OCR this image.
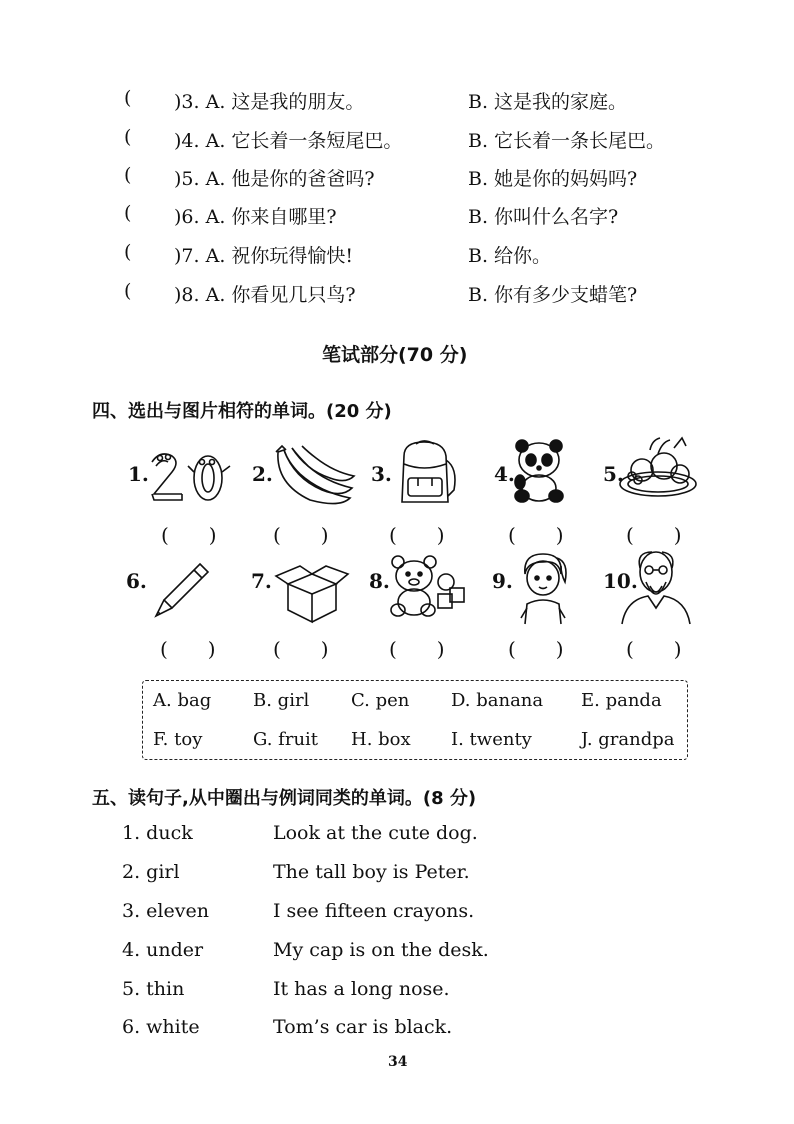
( )3. A. 这是我的朋友。	B. 这是我的家庭。
( )4. A. 它长着一条短尾巴。	B. 它长着一条长尾巴。
( )5. A. 他是你的爸爸吗?	B. 她是你的妈妈吗?
( )6. A. 你来自哪里?	B. 你叫什么名字?
( )7. A. 祝你玩得愉快!	B. 给你。
( )8. A. 你看见几只鸟?	B. 你有多少支蜡笔?
笔试部分(70 分)
四、选出与图片相符的单词。(20 分)
1.	2.	3.	4.	5.
(　　)	(　　)	(　　)	(　　)	(　　)
6.	7.	8.	9.	10.
(　　)	(　　)	(　　)	(　　)	(　　)
A. bag B. girl C. pen D. banana E. panda
F. toy	G. fruit H. box I. twenty	J. grandpa
五、读句子,从中圈出与例词同类的单词。(8 分)
1. duck	Look at the cute dog.
2. girl	The tall boy is Peter.
3. eleven	I see fifteen crayons.
4. under	My cap is on the desk.
5. thin	It has a long nose.
6. white	Tom’s car is black.
34
